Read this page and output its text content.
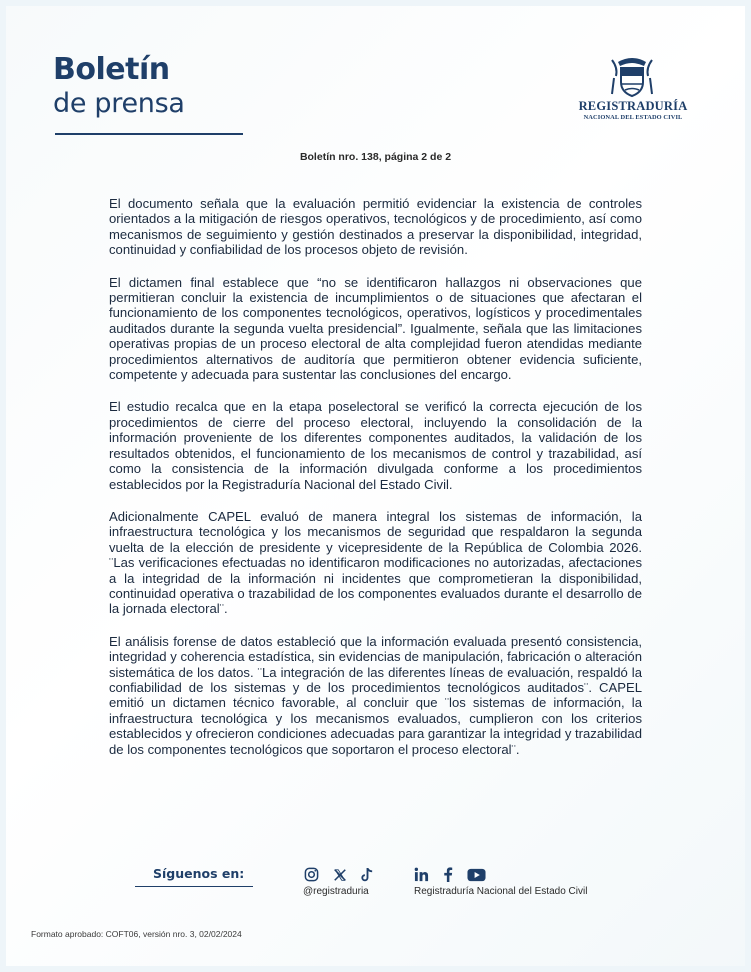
Boletín
de prensa	REGISTRADURÍA
NACIONAL DEL ESTADO CIVIL
Boletín nro. 138, página 2 de 2

El documento señala que la evaluación permitió evidenciar la existencia de controles orientados a la mitigación de riesgos operativos, tecnológicos y de procedimiento, así como mecanismos de seguimiento y gestión destinados a preservar la disponibilidad, integridad, continuidad y confiabilidad de los procesos objeto de revisión.

El dictamen final establece que “no se identificaron hallazgos ni observaciones que permitieran concluir la existencia de incumplimientos o de situaciones que afectaran el funcionamiento de los componentes tecnológicos, operativos, logísticos y procedimentales auditados durante la segunda vuelta presidencial”. Igualmente, señala que las limitaciones operativas propias de un proceso electoral de alta complejidad fueron atendidas mediante procedimientos alternativos de auditoría que permitieron obtener evidencia suficiente, competente y adecuada para sustentar las conclusiones del encargo.

El estudio recalca que en la etapa poselectoral se verificó la correcta ejecución de los procedimientos de cierre del proceso electoral, incluyendo la consolidación de la información proveniente de los diferentes componentes auditados, la validación de los resultados obtenidos, el funcionamiento de los mecanismos de control y trazabilidad, así como la consistencia de la información divulgada conforme a los procedimientos establecidos por la Registraduría Nacional del Estado Civil.

Adicionalmente CAPEL evaluó de manera integral los sistemas de información, la infraestructura tecnológica y los mecanismos de seguridad que respaldaron la segunda vuelta de la elección de presidente y vicepresidente de la República de Colombia 2026. ¨Las verificaciones efectuadas no identificaron modificaciones no autorizadas, afectaciones a la integridad de la información ni incidentes que comprometieran la disponibilidad, continuidad operativa o trazabilidad de los componentes evaluados durante el desarrollo de la jornada electoral¨.

El análisis forense de datos estableció que la información evaluada presentó consistencia, integridad y coherencia estadística, sin evidencias de manipulación, fabricación o alteración sistemática de los datos. ¨La integración de las diferentes líneas de evaluación, respaldó la confiabilidad de los sistemas y de los procedimientos tecnológicos auditados¨. CAPEL emitió un dictamen técnico favorable, al concluir que ¨los sistemas de información, la infraestructura tecnológica y los mecanismos evaluados, cumplieron con los criterios establecidos y ofrecieron condiciones adecuadas para garantizar la integridad y trazabilidad de los componentes tecnológicos que soportaron el proceso electoral¨.

Síguenos en:
@registraduria	Registraduría Nacional del Estado Civil
Formato aprobado: COFT06, versión nro. 3, 02/02/2024
